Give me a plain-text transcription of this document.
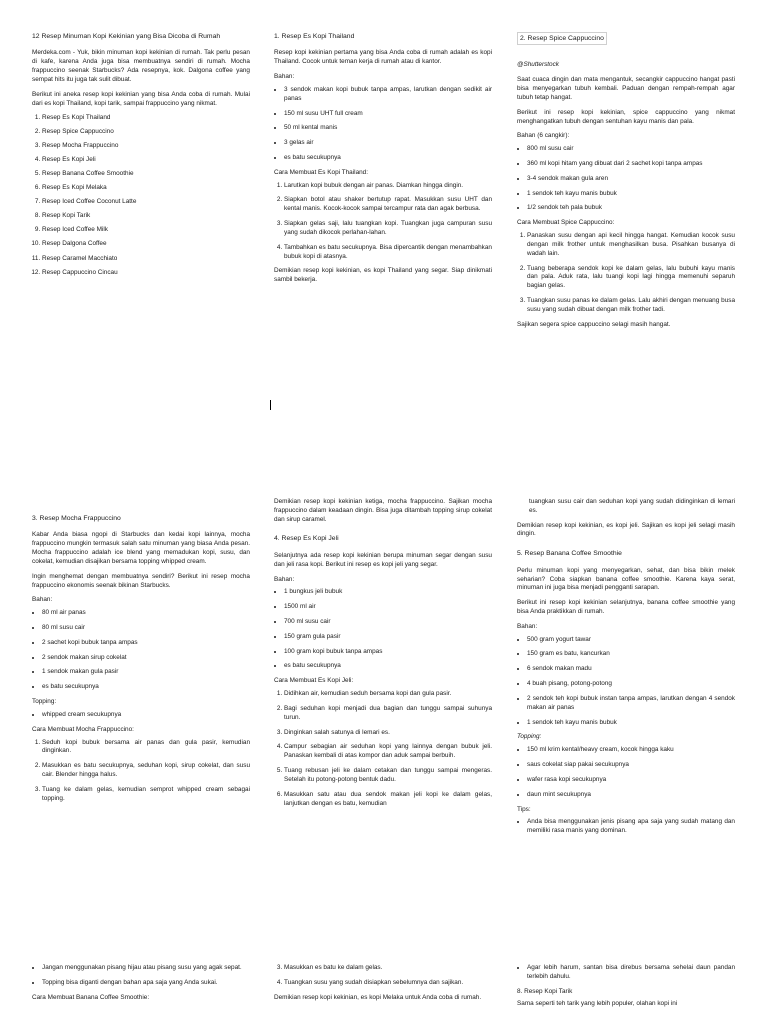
12 Resep Minuman Kopi Kekinian yang Bisa Dicoba di Rumah

Merdeka.com - Yuk, bikin minuman kopi kekinian di rumah. Tak perlu pesan di kafe, karena Anda juga bisa membuatnya sendiri di rumah. Mocha frappuccino seenak Starbucks? Ada resepnya, kok. Dalgona coffee yang sempat hits itu juga tak sulit dibuat.

Berikut ini aneka resep kopi kekinian yang bisa Anda coba di rumah. Mulai dari es kopi Thailand, kopi tarik, sampai frappuccino yang nikmat.

1. Resep Es Kopi Thailand
2. Resep Spice Cappuccino
3. Resep Mocha Frappuccino
4. Resep Es Kopi Jeli
5. Resep Banana Coffee Smoothie
6. Resep Es Kopi Melaka
7. Resep Iced Coffee Coconut Latte
8. Resep Kopi Tarik
9. Resep Iced Coffee Milk
10. Resep Dalgona Coffee
11. Resep Caramel Macchiato
12. Resep Cappuccino Cincau
1. Resep Es Kopi Thailand

Resep kopi kekinian pertama yang bisa Anda coba di rumah adalah es kopi Thailand. Cocok untuk teman kerja di rumah atau di kantor.

Bahan:
• 3 sendok makan kopi bubuk tanpa ampas, larutkan dengan sedikit air panas
• 150 ml susu UHT full cream
• 50 ml kental manis
• 3 gelas air
• es batu secukupnya
Cara Membuat Es Kopi Thailand:
1. Larutkan kopi bubuk dengan air panas. Diamkan hingga dingin.
2. Siapkan botol atau shaker bertutup rapat. Masukkan susu UHT dan kental manis. Kocok-kocok sampai tercampur rata dan agak berbusa.
3. Siapkan gelas saji, lalu tuangkan kopi. Tuangkan juga campuran susu yang sudah dikocok perlahan-lahan.
4. Tambahkan es batu secukupnya. Bisa dipercantik dengan menambahkan bubuk kopi di atasnya.

Demikian resep kopi kekinian, es kopi Thailand yang segar. Siap dinikmati sambil bekerja.

2. Resep Spice Cappuccino

@Shutterstock

Saat cuaca dingin dan mata mengantuk, secangkir cappuccino hangat pasti bisa menyegarkan tubuh kembali. Paduan dengan rempah-rempah agar tubuh tetap hangat.

Berikut ini resep kopi kekinian, spice cappuccino yang nikmat menghangatkan tubuh dengan sentuhan kayu manis dan pala.

Bahan (6 cangkir):
• 800 ml susu cair
• 360 ml kopi hitam yang dibuat dari 2 sachet kopi tanpa ampas
• 3-4 sendok makan gula aren
• 1 sendok teh kayu manis bubuk
• 1/2 sendok teh pala bubuk
Cara Membuat Spice Cappuccino:
1. Panaskan susu dengan api kecil hingga hangat. Kemudian kocok susu dengan milk frother untuk menghasilkan busa. Pisahkan busanya di wadah lain.
2. Tuang beberapa sendok kopi ke dalam gelas, lalu bubuhi kayu manis dan pala. Aduk rata, lalu tuangi kopi lagi hingga memenuhi separuh bagian gelas.
3. Tuangkan susu panas ke dalam gelas. Lalu akhiri dengan menuang busa susu yang sudah dibuat dengan milk frother tadi.

Sajikan segera spice cappuccino selagi masih hangat.

3. Resep Mocha Frappuccino

Kabar Anda biasa ngopi di Starbucks dan kedai kopi lainnya, mocha frappuccino mungkin termasuk salah satu minuman yang biasa Anda pesan. Mocha frappuccino adalah ice blend yang memadukan kopi, susu, dan cokelat, kemudian disajikan bersama topping whipped cream.

Ingin menghemat dengan membuatnya sendiri? Berikut ini resep mocha frappuccino ekonomis seenak bikinan Starbucks.

Bahan:
• 80 ml air panas
• 80 ml susu cair
• 2 sachet kopi bubuk tanpa ampas
• 2 sendok makan sirup cokelat
• 1 sendok makan gula pasir
• es batu secukupnya
Topping:
• whipped cream secukupnya
Cara Membuat Mocha Frappuccino:
1. Seduh kopi bubuk bersama air panas dan gula pasir, kemudian dinginkan.
2. Masukkan es batu secukupnya, seduhan kopi, sirup cokelat, dan susu cair. Blender hingga halus.
3. Tuang ke dalam gelas, kemudian semprot whipped cream sebagai topping.

Demikian resep kopi kekinian ketiga, mocha frappuccino. Sajikan mocha frappuccino dalam keadaan dingin. Bisa juga ditambah topping sirup cokelat dan sirup caramel.

4. Resep Es Kopi Jeli

Selanjutnya ada resep kopi kekinian berupa minuman segar dengan susu dan jeli rasa kopi. Berikut ini resep es kopi jeli yang segar.

Bahan:
• 1 bungkus jeli bubuk
• 1500 ml air
• 700 ml susu cair
• 150 gram gula pasir
• 100 gram kopi bubuk tanpa ampas
• es batu secukupnya
Cara Membuat Es Kopi Jeli:
1. Didihkan air, kemudian seduh bersama kopi dan gula pasir.
2. Bagi seduhan kopi menjadi dua bagian dan tunggu sampai suhunya turun.
3. Dinginkan salah satunya di lemari es.
4. Campur sebagian air seduhan kopi yang lainnya dengan bubuk jeli. Panaskan kembali di atas kompor dan aduk sampai berbuih.
5. Tuang rebusan jeli ke dalam cetakan dan tunggu sampai mengeras. Setelah itu potong-potong bentuk dadu.
6. Masukkan satu atau dua sendok makan jeli kopi ke dalam gelas, lanjutkan dengan es batu, kemudian

tuangkan susu cair dan seduhan kopi yang sudah didinginkan di lemari es.

Demikian resep kopi kekinian, es kopi jeli. Sajikan es kopi jeli selagi masih dingin.

5. Resep Banana Coffee Smoothie

Perlu minuman kopi yang menyegarkan, sehat, dan bisa bikin melek seharian? Coba siapkan banana coffee smoothie. Karena kaya serat, minuman ini juga bisa menjadi pengganti sarapan.

Berikut ini resep kopi kekinian selanjutnya, banana coffee smoothie yang bisa Anda praktikkan di rumah.

Bahan:
• 500 gram yogurt tawar
• 150 gram es batu, kancurkan
• 6 sendok makan madu
• 4 buah pisang, potong-potong
• 2 sendok teh kopi bubuk instan tanpa ampas, larutkan dengan 4 sendok makan air panas
• 1 sendok teh kayu manis bubuk
Topping:
• 150 ml krim kental/heavy cream, kocok hingga kaku
• saus cokelat siap pakai secukupnya
• wafer rasa kopi secukupnya
• daun mint secukupnya
Tips:
• Anda bisa menggunakan jenis pisang apa saja yang sudah matang dan memiliki rasa manis yang dominan.
• Jangan menggunakan pisang hijau atau pisang susu yang agak sepat.
• Topping bisa diganti dengan bahan apa saja yang Anda sukai.
Cara Membuat Banana Coffee Smoothie:
3. Masukkan es batu ke dalam gelas.
4. Tuangkan susu yang sudah disiapkan sebelumnya dan sajikan.

Demikian resep kopi kekinian, es kopi Melaka untuk Anda coba di rumah.

• Agar lebih harum, santan bisa direbus bersama sehelai daun pandan terlebih dahulu.
8. Resep Kopi Tarik

Sama seperti teh tarik yang lebih populer, olahan kopi ini
